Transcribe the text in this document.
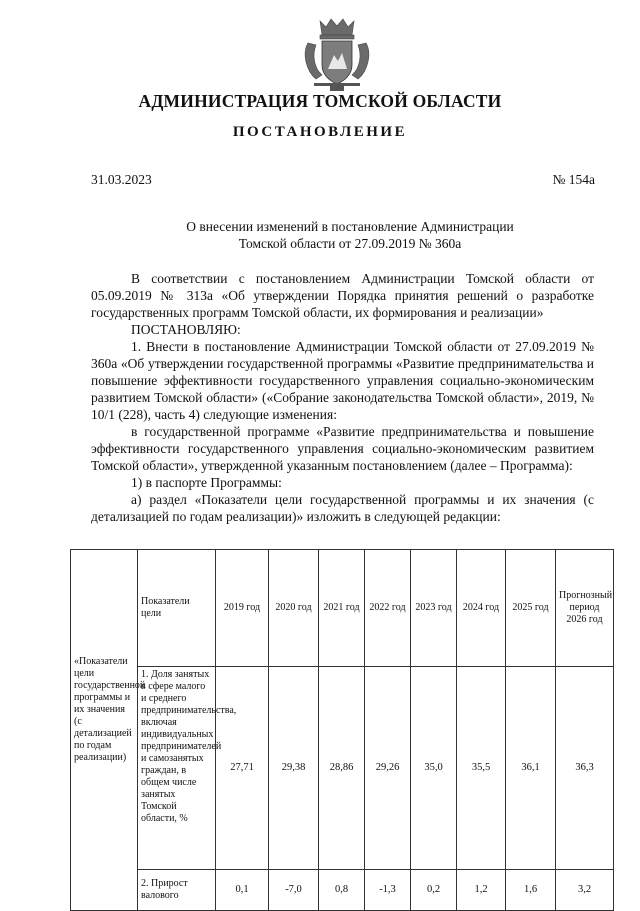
АДМИНИСТРАЦИЯ ТОМСКОЙ ОБЛАСТИ
ПОСТАНОВЛЕНИЕ
31.03.2023	№ 154а
О внесении изменений в постановление Администрации
Томской области от 27.09.2019 № 360а

В соответствии с постановлением Администрации Томской области от 05.09.2019 № 313а «Об утверждении Порядка принятия решений о разработке государственных программ Томской области, их формирования и реализации»

ПОСТАНОВЛЯЮ:

1. Внести в постановление Администрации Томской области от 27.09.2019 № 360а «Об утверждении государственной программы «Развитие предпринимательства и повышение эффективности государственного управления социально-экономическим развитием Томской области» («Собрание законодательства Томской области», 2019, № 10/1 (228), часть 4) следующие изменения:

в государственной программе «Развитие предпринимательства и повышение эффективности государственного управления социально-экономическим развитием Томской области», утвержденной указанным постановлением (далее – Программа):

1) в паспорте Программы:

а) раздел «Показатели цели государственной программы и их значения (с детализацией по годам реализации)» изложить в следующей редакции:

«Показатели цели государственной программы и их значения (с детализацией по годам реализации)	Показатели цели	2019 год	2020 год	2021 год	2022 год	2023 год	2024 год	2025 год	Прогнозный период 2026 год
	1. Доля занятых в сфере малого и среднего предпринимательства, включая индивидуальных предпринимателей и самозанятых граждан, в общем числе занятых Томской области, %	27,71	29,38	28,86	29,26	35,0	35,5	36,1	36,3
	2. Прирост валового	0,1	-7,0	0,8	-1,3	0,2	1,2	1,6	3,2
